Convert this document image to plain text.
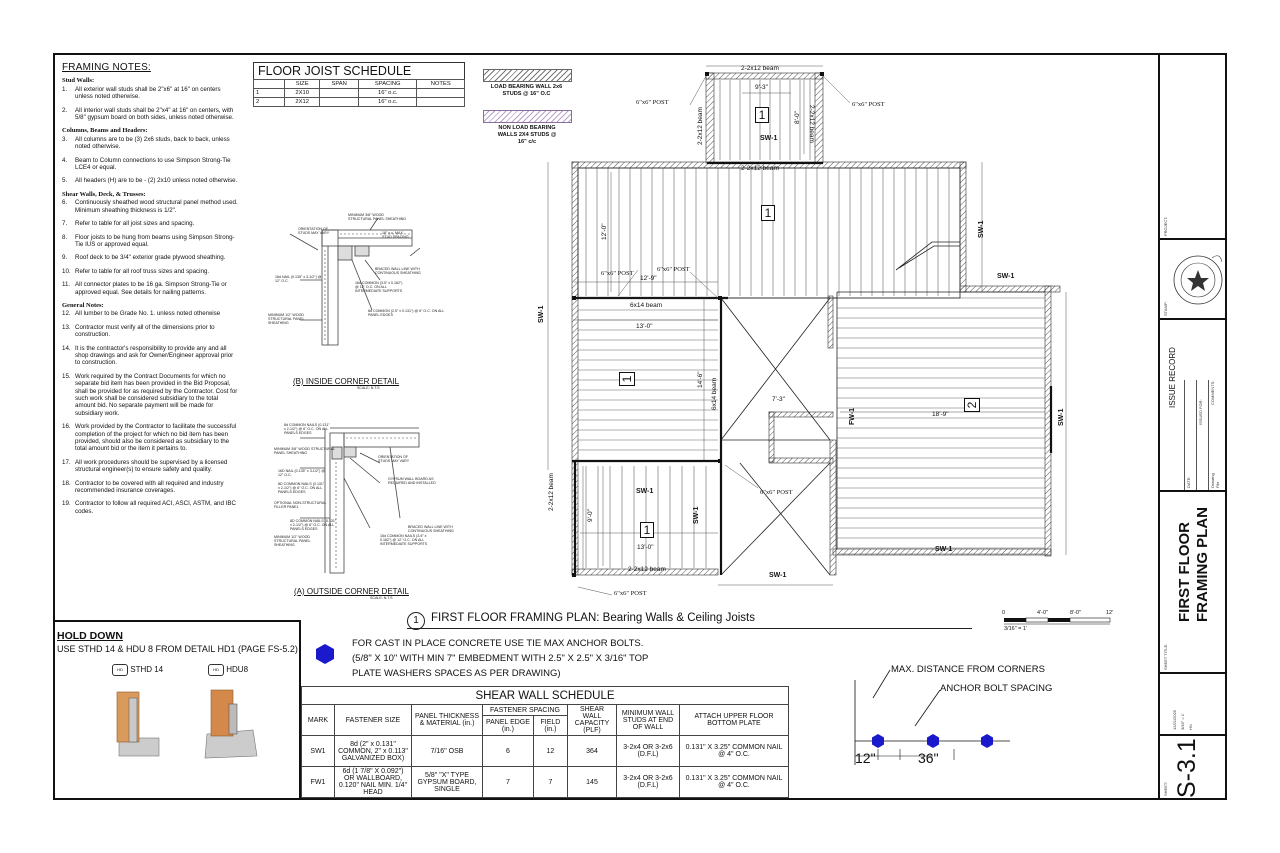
FRAMING NOTES:
Stud Walls:
1. All exterior wall studs shall be 2"x6" at 16" on centers unless noted otherwise.
2. All interior wall studs shall be 2"x4" at 16" on centers, with 5/8" gypsum board on both sides, unless noted otherwise.
Columns, Beams and Headers:
3. All columns are to be (3) 2x6 studs, back to back, unless noted otherwise.
4. Beam to Column connections to use Simpson Strong-Tie LCE4 or equal.
5. All headers (H) are to be - (2) 2x10 unless noted otherwise.
Shear Walls, Deck, & Trusses:
6. Continuously sheathed wood structural panel method used. Minimum sheathing thickness is 1/2".
7. Refer to table for all joist sizes and spacing.
8. Floor joists to be hung from beams using Simpson Strong-Tie IUS or approved equal.
9. Roof deck to be 3/4" exterior grade plywood sheathing.
10. Refer to table for all roof truss sizes and spacing.
11. All connector plates to be 16 ga. Simpson Strong-Tie or approved equal. See details for nailing patterns.
General Notes:
12. All lumber to be Grade No. 1. unless noted otherwise
13. Contractor must verify all of the dimensions prior to construction.
14. It is the contractor's responsibility to provide any and all shop drawings and ask for Owner/Engineer approval prior to construction.
15. Work required by the Contract Documents for which no separate bid item has been provided in the Bid Proposal, shall be provided for as required by the Contractor. Cost for such work shall be considered subsidiary to the total amount bid. No separate payment will be made for subsidiary work.
16. Work provided by the Contractor to facilitate the successful completion of the project for which no bid item has been provided, should also be considered as subsidiary to the total amount bid or the item it pertains to.
17. All work procedures should be supervised by a licensed structural engineer(s) to ensure safety and quality.
18. Contractor to be covered with all required and industry recommended insurance coverages.
19. Contractor to follow all required ACI, ASCI, ASTM, and IBC codes.
FLOOR JOIST SCHEDULE
	SIZE	SPAN	SPACING	NOTES
1	2X10		16" o.c.	
2	2X12		16" o.c.	
LOAD BEARING WALL 2x6 STUDS @ 16" O.C
NON LOAD BEARING WALLS 2X4 STUDS @ 16" c/c
MINIMUM 3/8" WOOD
STRUCTURAL PANEL SHEATHING
16" o.c. MAX.
STUD SPACING
ORIENTATION OF
STUDS MAY VARY
16d NAIL (0.135" x 3-1/2") @
12" O.C.
MINIMUM 1/2" WOOD
STRUCTURAL PANEL
SHEATHING
BRACED WALL LINE WITH
CONTINUOUS SHEATHING
16d COMMON (3.5" x 0.162")
@ 12" O.C. ON ALL
INTERMEDIATE SUPPORTS
8d COMMON (2.5" x 0.131") @ 6" O.C. ON ALL
PANEL EDGES
(B) INSIDE CORNER DETAIL
SCALE: N.T.S
8d COMMON NAILS (0.131"
x 2-1/2") @ 6" O.C. ON ALL
PANELS EDGES
MINIMUM 3/8" WOOD STRUCTURAL
PANEL SHEATHING
ORIENTATION OF
STUDS MAY VARY
16D NAIL (0.135" x 3-1/2") @
12" O.C.
8D COMMON NAILS (0.131"
x 2-1/2") @ 6" O.C. ON ALL
PANELS EDGES
GYPSUM WALL BOARD AS
REQUIRED AND INSTALLED
OPTIONAL NON-STRUCTURAL
FILLER PANEL
8D COMMON NAILS (0.131"
x 2-1/2") @ 6" O.C. ON ALL
PANELS EDGES	BRACED WALL LINE WITH
CONTINUOUS SHEATHING
MINIMUM 1/2" WOOD
STRUCTURAL PANEL
SHEATHING
16d COMMON NAILS (3.5" x
0.162") @ 12" O.C. ON ALL
INTERMEDIATE SUPPORTS
(A) OUTSIDE CORNER DETAIL
SCALE: N.T.S
2-2x12 beam
2-2x12 beam
2-2x12 beam
2-2x12 beam
2-2x12 beam	2-2x12 beam
6x14 beam
6x14 beam
6"x6" POST	6"x6" POST
6"x6" POST
6"x6" POST
6"x6" POST
6"x6" POST
SW-1
SW-1
SW-1
SW-1
SW-1
SW-1
SW-1
SW-1
SW-1
FW-1
9'-3"
8'-0"
12'-0"
12'-9"
13'-0"
14'-6"
7'-3"
18'-9"
9'-0"
13'-0"
1
1
1
1
2
1	FIRST FLOOR FRAMING PLAN: Bearing Walls & Ceiling Joists	0	4'-0"	8'-0"	12'
3/16" = 1'
FOR CAST IN PLACE CONCRETE USE TIE MAX ANCHOR BOLTS.
(5/8" X 10" WITH MIN 7" EMBEDMENT WITH 2.5" X 2.5" X 3/16" TOP
PLATE WASHERS SPACES AS PER DRAWING)	MAX. DISTANCE FROM CORNERS
ANCHOR BOLT SPACING
12"	36"
HOLD DOWN
USE STHD 14 & HDU 8 FROM DETAIL HD1 (PAGE FS-5.2)
HD STHD 14	HD HDU8
SHEAR WALL SCHEDULE							
MARK	FASTENER SIZE	PANEL THICKNESS & MATERIAL (in.)	FASTENER SPACING		SHEAR WALL CAPACITY (PLF)	MINIMUM WALL STUDS AT END OF WALL	ATTACH UPPER FLOOR BOTTOM PLATE
			PANEL EDGE (in.)	FIELD (in.)			
SW1	8d (2" x 0.131" COMMON, 2" x 0.113" GALVANIZED BOX)	7/16" OSB	6	12	364	3-2x4 OR 3-2x6 (D.F.L)	0.131" X 3.25" COMMON NAIL @ 4" O.C.
FW1	6d (1 7/8" X 0.092") OR WALLBOARD, 0.120" NAIL MIN. 1/4" HEAD	5/8" "X" TYPE GYPSUM BOARD, SINGLE	7	7	145	3-2x4 OR 3-2x6 (D.F.L)	0.131" X 3.25" COMMON NAIL @ 4" O.C.
ISSUE RECORD
DATE:
ISSUED FOR:
COMMENTS:
Drawing File
FIRST FLOOR FRAMING PLAN
12/21/2025 3/16" = 1' HN
S-3.1
PROJECT:
STAMP:
SHEET TITLE:
SHEET:
